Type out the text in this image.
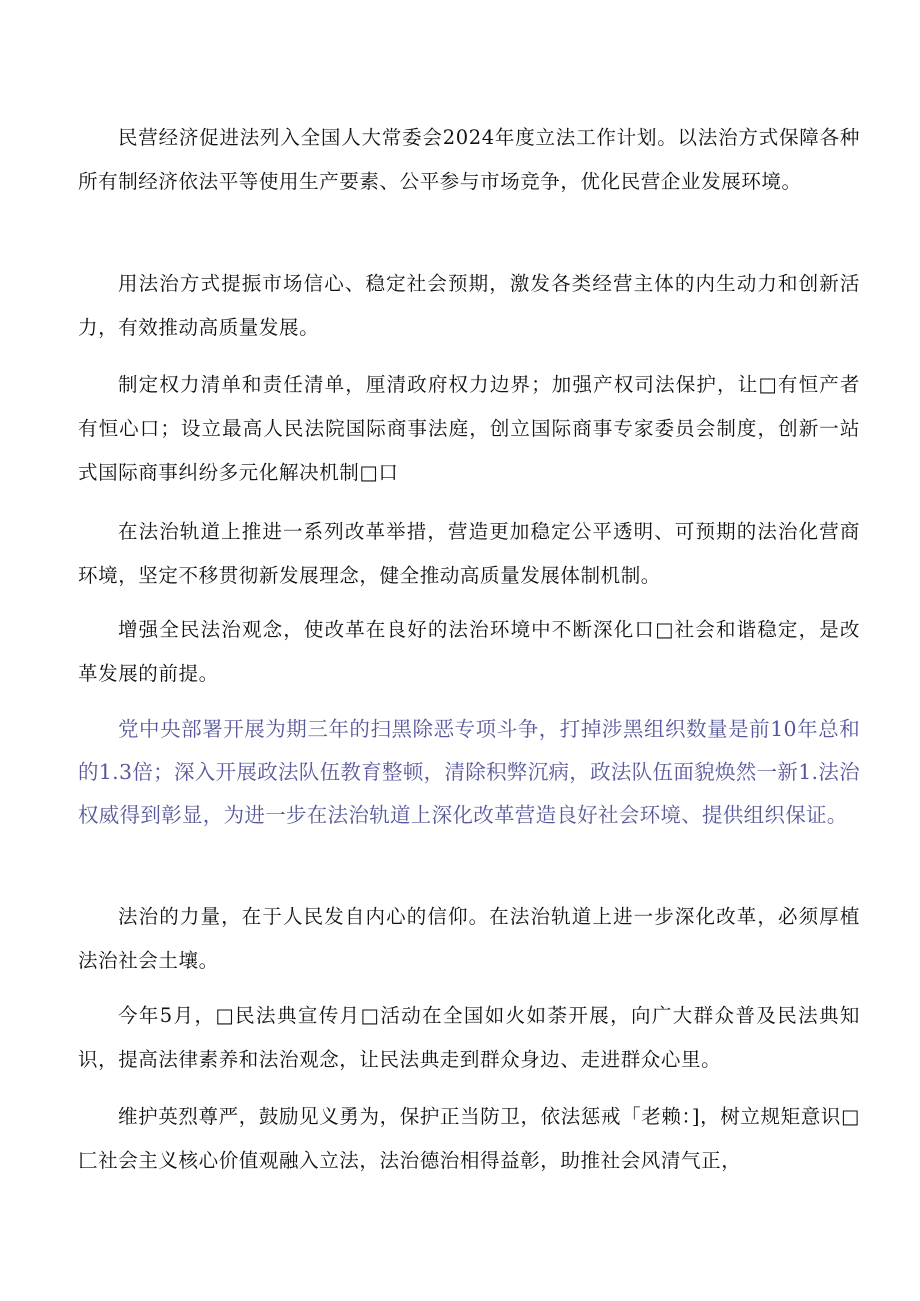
民营经济促进法列入全国人大常委会2024年度立法工作计划。以法治方式保障各种所有制经济依法平等使用生产要素、公平参与市场竞争，优化民营企业发展环境。

用法治方式提振市场信心、稳定社会预期，激发各类经营主体的内生动力和创新活力，有效推动高质量发展。

制定权力清单和责任清单，厘清政府权力边界；加强产权司法保护，让□有恒产者有恒心口；设立最高人民法院国际商事法庭，创立国际商事专家委员会制度，创新一站式国际商事纠纷多元化解决机制□口

在法治轨道上推进一系列改革举措，营造更加稳定公平透明、可预期的法治化营商环境，坚定不移贯彻新发展理念，健全推动高质量发展体制机制。

增强全民法治观念，使改革在良好的法治环境中不断深化口□社会和谐稳定，是改革发展的前提。

党中央部署开展为期三年的扫黑除恶专项斗争，打掉涉黑组织数量是前10年总和的1.3倍；深入开展政法队伍教育整顿，清除积弊沉病，政法队伍面貌焕然一新1.法治权威得到彰显，为进一步在法治轨道上深化改革营造良好社会环境、提供组织保证。

法治的力量，在于人民发自内心的信仰。在法治轨道上进一步深化改革，必须厚植法治社会土壤。

今年5月，□民法典宣传月□活动在全国如火如荼开展，向广大群众普及民法典知识，提高法律素养和法治观念，让民法典走到群众身边、走进群众心里。

维护英烈尊严，鼓励见义勇为，保护正当防卫，依法惩戒「老赖：]，树立规矩意识□匚社会主义核心价值观融入立法，法治德治相得益彰，助推社会风清气正，
